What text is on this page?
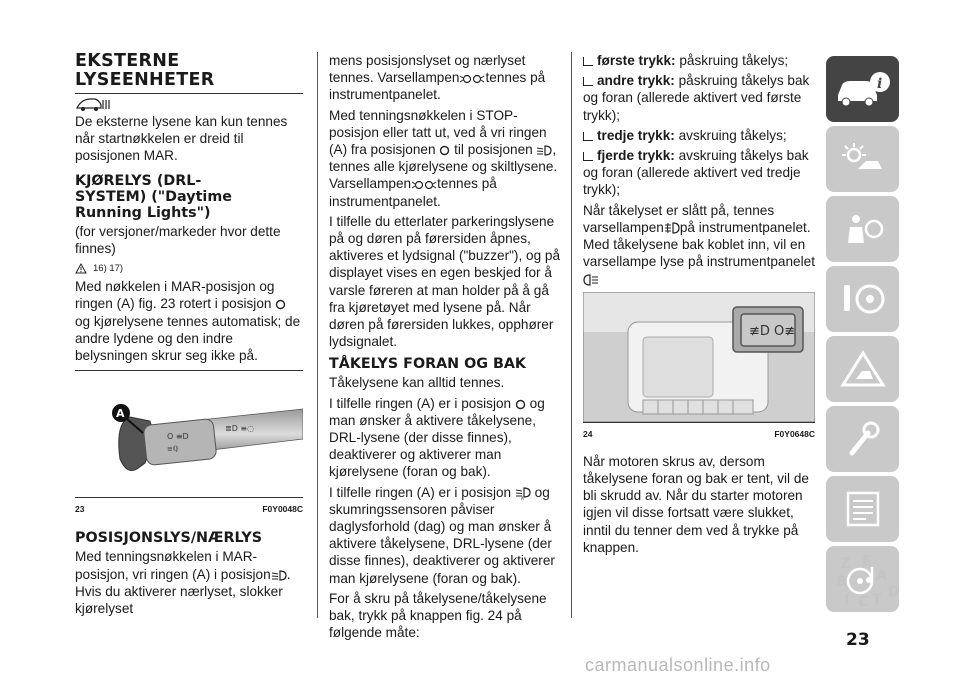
EKSTERNE
LYSEENHETER

De eksterne lysene kan kun tennes når startnøkkelen er dreid til posisjonen MAR.

KJØRELYS (DRL-
SYSTEM) ("Daytime
Running Lights")

(for versjoner/markeder hvor dette finnes)

16) 17)

Med nøkkelen i MAR-posisjon og ringen (A) fig. 23 rotert i posisjon  og kjørelysene tennes automatisk; de andre lydene og den indre belysningen skrur seg ikke på.

O ≡D
≡ℚ
≣D ≡◌
A
23	F0Y0048C
POSISJONSLYS/NÆRLYS

Med tenningsnøkkelen i MAR-posisjon, vri ringen (A) i posisjon . Hvis du aktiverer nærlyset, slokker kjørelyset

mens posisjonslyset og nærlyset tennes. Varsellampen tennes på instrumentpanelet.

Med tenningsnøkkelen i STOP-posisjon eller tatt ut, ved å vri ringen (A) fra posisjonen til posisjonen , tennes alle kjørelysene og skiltlysene. Varsellampen tennes på instrumentpanelet.

I tilfelle du etterlater parkeringslysene på og døren på førersiden åpnes, aktiveres et lydsignal ("buzzer"), og på displayet vises en egen beskjed for å varsle føreren at man holder på å gå fra kjøretøyet med lysene på. Når døren på førersiden lukkes, opphører lydsignalet.

TÅKELYS FORAN OG BAK

Tåkelysene kan alltid tennes.

I tilfelle ringen (A) er i posisjon og man ønsker å aktivere tåkelysene, DRL-lysene (der disse finnes), deaktiverer og aktiverer man kjørelysene (foran og bak).

I tilfelle ringen (A) er i posisjon A og skumringssensoren påviser daglysforhold (dag) og man ønsker å aktivere tåkelysene, DRL-lysene (der disse finnes), deaktiverer og aktiverer man kjørelysene (foran og bak).

For å skru på tåkelysene/tåkelysene bak, trykk på knappen fig. 24 på følgende måte:

første trykk: påskruing tåkelys;

andre trykk: påskruing tåkelys bak og foran (allerede aktivert ved første trykk);

tredje trykk: avskruing tåkelys;

fjerde trykk: avskruing tåkelys bak og foran (allerede aktivert ved tredje trykk);

Når tåkelyset er slått på, tennes varsellampen på instrumentpanelet. Med tåkelysene bak koblet inn, vil en varsellampe lyse på instrumentpanelet

≢D O≢
24	F0Y0648C

Når motoren skrus av, dersom tåkelysene foran og bak er tent, vil de bli skrudd av. Når du starter motoren igjen vil disse fortsatt være slukket, inntil du tenner dem ved å trykke på knappen.

i
Z E
A
B
D
I C T
23
carmanualsonline.info
